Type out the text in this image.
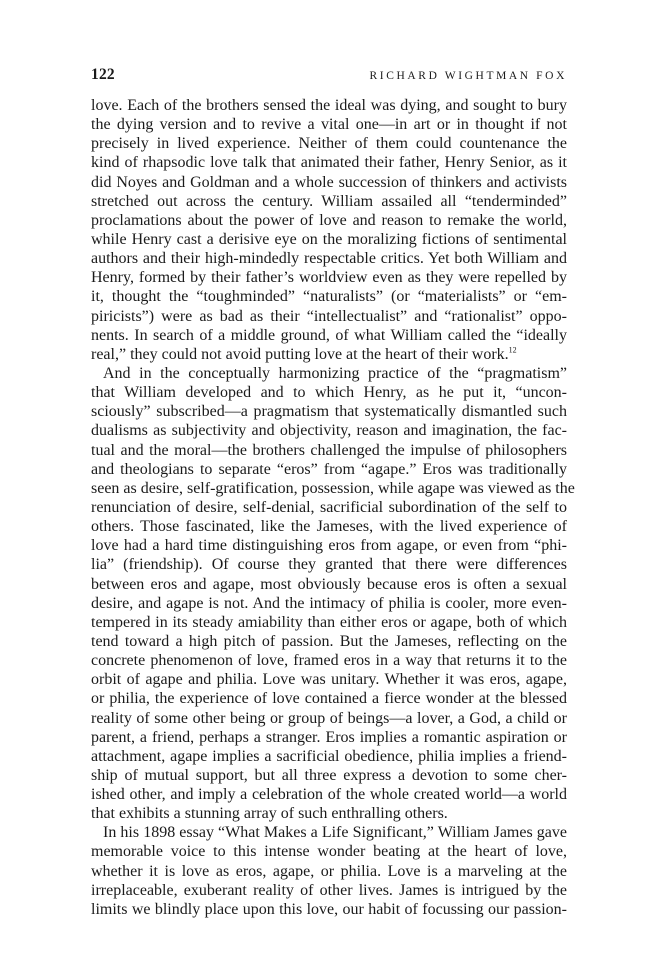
122	RICHARD WIGHTMAN FOX
love. Each of the brothers sensed the ideal was dying, and sought to bury
the dying version and to revive a vital one—in art or in thought if not
precisely in lived experience. Neither of them could countenance the
kind of rhapsodic love talk that animated their father, Henry Senior, as it
did Noyes and Goldman and a whole succession of thinkers and activists
stretched out across the century. William assailed all “tenderminded”
proclamations about the power of love and reason to remake the world,
while Henry cast a derisive eye on the moralizing fictions of sentimental
authors and their high-mindedly respectable critics. Yet both William and
Henry, formed by their father’s worldview even as they were repelled by
it, thought the “toughminded” “naturalists” (or “materialists” or “em-
piricists”) were as bad as their “intellectualist” and “rationalist” oppo-
nents. In search of a middle ground, of what William called the “ideally
real,” they could not avoid putting love at the heart of their work.$^{12}$
And in the conceptually harmonizing practice of the “pragmatism”
that William developed and to which Henry, as he put it, “uncon-
sciously” subscribed—a pragmatism that systematically dismantled such
dualisms as subjectivity and objectivity, reason and imagination, the fac-
tual and the moral—the brothers challenged the impulse of philosophers
and theologians to separate “eros” from “agape.” Eros was traditionally
seen as desire, self-gratification, possession, while agape was viewed as the
renunciation of desire, self-denial, sacrificial subordination of the self to
others. Those fascinated, like the Jameses, with the lived experience of
love had a hard time distinguishing eros from agape, or even from “phi-
lia” (friendship). Of course they granted that there were differences
between eros and agape, most obviously because eros is often a sexual
desire, and agape is not. And the intimacy of philia is cooler, more even-
tempered in its steady amiability than either eros or agape, both of which
tend toward a high pitch of passion. But the Jameses, reflecting on the
concrete phenomenon of love, framed eros in a way that returns it to the
orbit of agape and philia. Love was unitary. Whether it was eros, agape,
or philia, the experience of love contained a fierce wonder at the blessed
reality of some other being or group of beings—a lover, a God, a child or
parent, a friend, perhaps a stranger. Eros implies a romantic aspiration or
attachment, agape implies a sacrificial obedience, philia implies a friend-
ship of mutual support, but all three express a devotion to some cher-
ished other, and imply a celebration of the whole created world—a world
that exhibits a stunning array of such enthralling others.
In his 1898 essay “What Makes a Life Significant,” William James gave
memorable voice to this intense wonder beating at the heart of love,
whether it is love as eros, agape, or philia. Love is a marveling at the
irreplaceable, exuberant reality of other lives. James is intrigued by the
limits we blindly place upon this love, our habit of focussing our passion-
